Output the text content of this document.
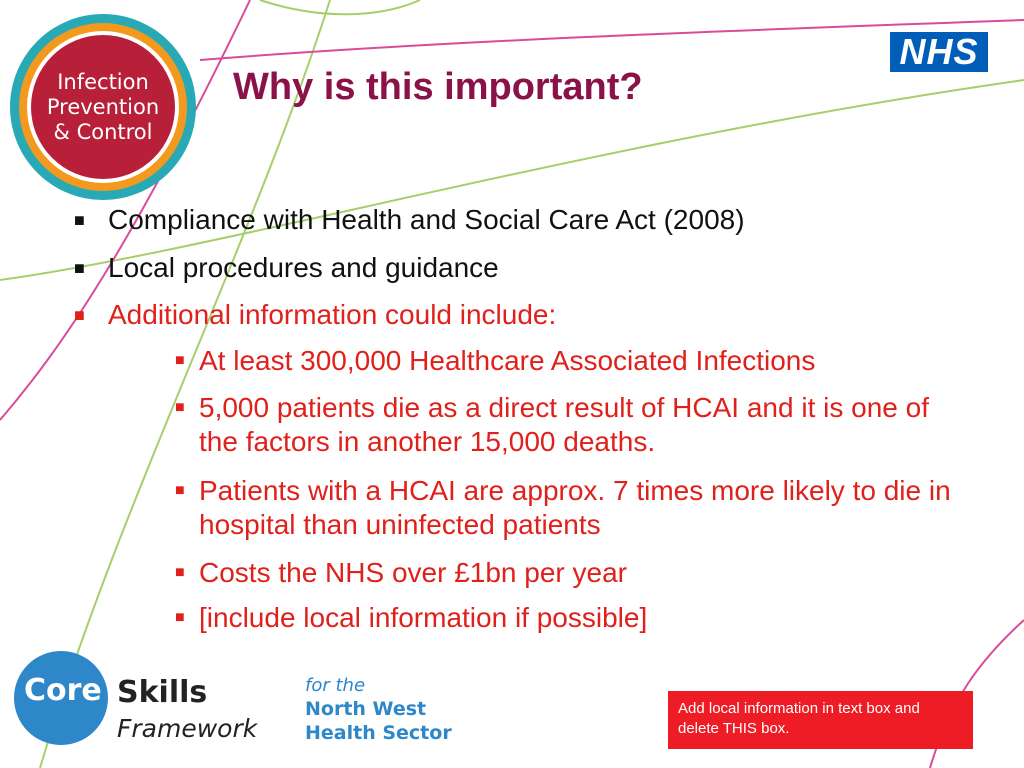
Infection
Prevention
& Control
Why is this important?
NHS
■ Compliance with Health and Social Care Act (2008)
■ Local procedures and guidance
■ Additional information could include:
■ At least 300,000 Healthcare Associated Infections
■ 5,000 patients die as a direct result of HCAI and it is one of the factors in another 15,000 deaths.
■ Patients with a HCAI are approx. 7 times more likely to die in hospital than uninfected patients
■ Costs the NHS over £1bn per year
■ [include local information if possible]
Core Skills
Framework
for the
North West
Health Sector
Add local information in text box and delete THIS box.
